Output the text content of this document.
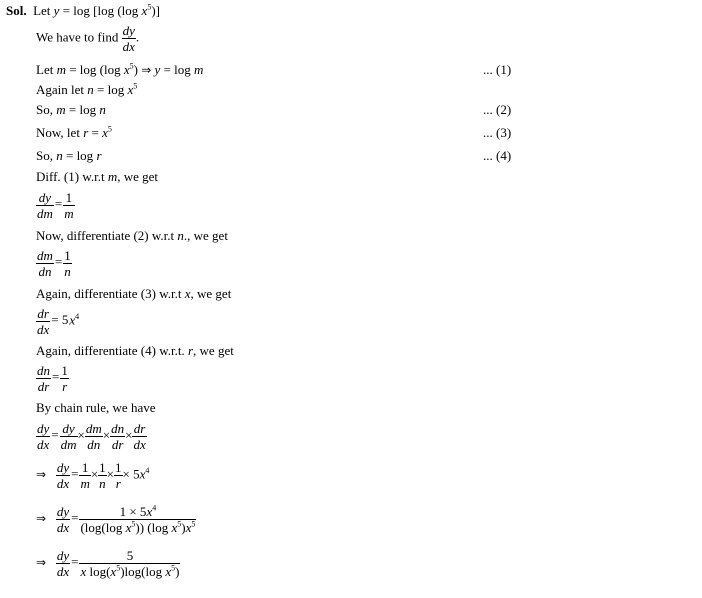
Sol. Let y = log [log (log $x^5$)]
We have to find $\frac{dy}{dx}$ .
Let m = log (log $x^5$) ⇒ y = log m	... (1)
Again let $n = \log x^5$
So, m = log n	... (2)
Now, let $r = x^5$	... (3)
So, n = log r	... (4)
Diff. (1) w.r.t m, we get
$\frac{dy}{dm} = \frac{1}{m}$
Now, differentiate (2) w.r.t n., we get
$\frac{dm}{dn} = \frac{1}{n}$
Again, differentiate (3) w.r.t x, we get
$\frac{dr}{dx} = 5x^4$
Again, differentiate (4) w.r.t. r, we get
$\frac{dn}{dr} = \frac{1}{r}$
By chain rule, we have
$\frac{dy}{dx} = \frac{dy}{dm} \times \frac{dm}{dn} \times \frac{dn}{dr} \times \frac{dr}{dx}$
⇒ $\frac{dy}{dx} = \frac{1}{m} \times \frac{1}{n} \times \frac{1}{r} \times 5x^4$
⇒ $\frac{dy}{dx} = \frac{1 \times 5x^4}{(\log(\log x^5)) (\log x^5)x^5}$
⇒ $\frac{dy}{dx} = \frac{5}{x \log(x^5)\log(\log x^5)}$
